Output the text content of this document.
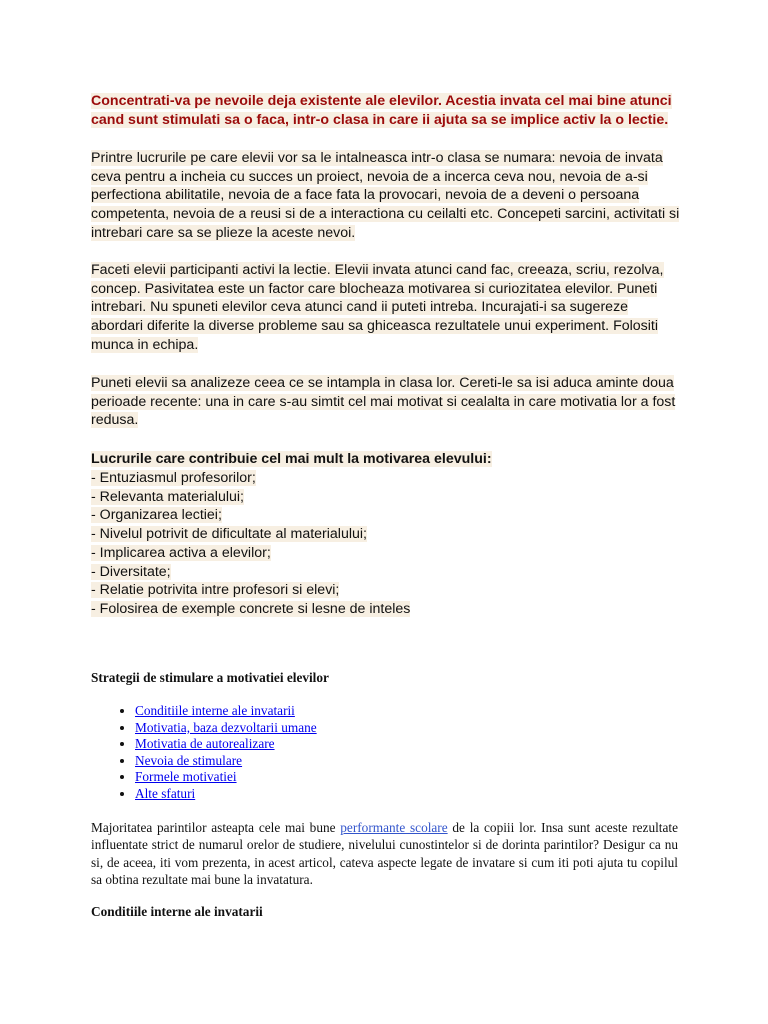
Concentrati-va pe nevoile deja existente ale elevilor. Acestia invata cel mai bine atunci cand sunt stimulati sa o faca, intr-o clasa in care ii ajuta sa se implice activ la o lectie.
Printre lucrurile pe care elevii vor sa le intalneasca intr-o clasa se numara: nevoia de invata ceva pentru a incheia cu succes un proiect, nevoia de a incerca ceva nou, nevoia de a-si perfectiona abilitatile, nevoia de a face fata la provocari, nevoia de a deveni o persoana competenta, nevoia de a reusi si de a interactiona cu ceilalti etc. Concepeti sarcini, activitati si intrebari care sa se plieze la aceste nevoi.
Faceti elevii participanti activi la lectie. Elevii invata atunci cand fac, creeaza, scriu, rezolva, concep. Pasivitatea este un factor care blocheaza motivarea si curiozitatea elevilor. Puneti intrebari. Nu spuneti elevilor ceva atunci cand ii puteti intreba. Incurajati-i sa sugereze abordari diferite la diverse probleme sau sa ghiceasca rezultatele unui experiment. Folositi munca in echipa.
Puneti elevii sa analizeze ceea ce se intampla in clasa lor. Cereti-le sa isi aduca aminte doua perioade recente: una in care s-au simtit cel mai motivat si cealalta in care motivatia lor a fost redusa.
Lucrurile care contribuie cel mai mult la motivarea elevului:
- Entuziasmul profesorilor;
- Relevanta materialului;
- Organizarea lectiei;
- Nivelul potrivit de dificultate al materialului;
- Implicarea activa a elevilor;
- Diversitate;
- Relatie potrivita intre profesori si elevi;
- Folosirea de exemple concrete si lesne de inteles
Strategii de stimulare a motivatiei elevilor
• Conditiile interne ale invatarii
• Motivatia, baza dezvoltarii umane
• Motivatia de autorealizare
• Nevoia de stimulare
• Formele motivatiei
• Alte sfaturi

Majoritatea parintilor asteapta cele mai bune performante scolare de la copiii lor. Insa sunt aceste rezultate influentate strict de numarul orelor de studiere, nivelului cunostintelor si de dorinta parintilor? Desigur ca nu si, de aceea, iti vom prezenta, in acest articol, cateva aspecte legate de invatare si cum iti poti ajuta tu copilul sa obtina rezultate mai bune la invatatura.

Conditiile interne ale invatarii
